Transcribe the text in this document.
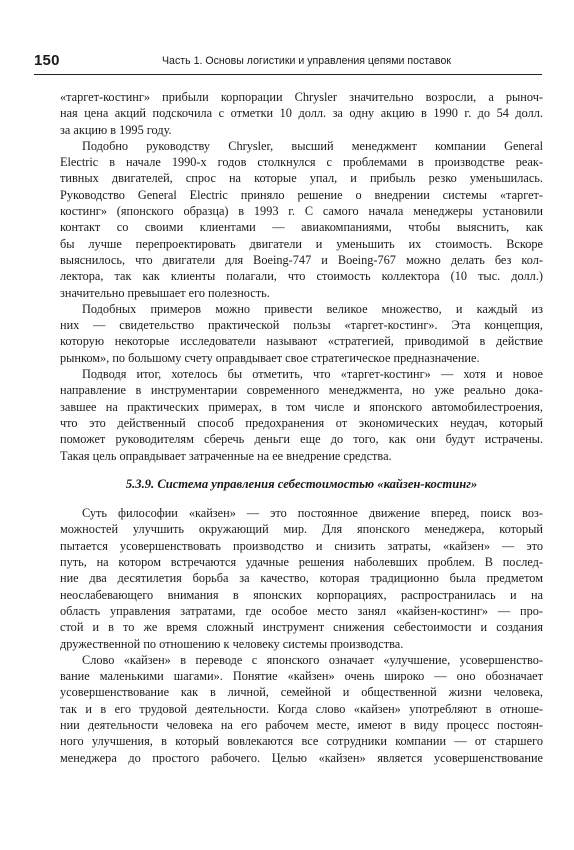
150	Часть 1. Основы логистики и управления цепями поставок
«таргет-костинг» прибыли корпорации Chrysler значительно возросли, а рыноч-
ная цена акций подскочила с отметки 10 долл. за одну акцию в 1990 г. до 54 долл.
за акцию в 1995 году.
Подобно руководству Chrysler, высший менеджмент компании General
Electric в начале 1990-х годов столкнулся с проблемами в производстве реак-
тивных двигателей, спрос на которые упал, и прибыль резко уменьшилась.
Руководство General Electric приняло решение о внедрении системы «таргет-
костинг» (японского образца) в 1993 г. С самого начала менеджеры установили
контакт со своими клиентами — авиакомпаниями, чтобы выяснить, как
бы лучше перепроектировать двигатели и уменьшить их стоимость. Вскоре
выяснилось, что двигатели для Boeing-747 и Boeing-767 можно делать без кол-
лектора, так как клиенты полагали, что стоимость коллектора (10 тыс. долл.)
значительно превышает его полезность.
Подобных примеров можно привести великое множество, и каждый из
них — свидетельство практической пользы «таргет-костинг». Эта концепция,
которую некоторые исследователи называют «стратегией, приводимой в действие
рынком», по большому счету оправдывает свое стратегическое предназначение.
Подводя итог, хотелось бы отметить, что «таргет-костинг» — хотя и новое
направление в инструментарии современного менеджмента, но уже реально дока-
завшее на практических примерах, в том числе и японского автомобилестроения,
что это действенный способ предохранения от экономических неудач, который
поможет руководителям сберечь деньги еще до того, как они будут истрачены.
Такая цель оправдывает затраченные на ее внедрение средства.
5.3.9. Система управления себестоимостью «кайзен-костинг»
Суть философии «кайзен» — это постоянное движение вперед, поиск воз-
можностей улучшить окружающий мир. Для японского менеджера, который
пытается усовершенствовать производство и снизить затраты, «кайзен» — это
путь, на котором встречаются удачные решения наболевших проблем. В послед-
ние два десятилетия борьба за качество, которая традиционно была предметом
неослабевающего внимания в японских корпорациях, распространилась и на
область управления затратами, где особое место занял «кайзен-костинг» — про-
стой и в то же время сложный инструмент снижения себестоимости и создания
дружественной по отношению к человеку системы производства.
Слово «кайзен» в переводе с японского означает «улучшение, усовершенство-
вание маленькими шагами». Понятие «кайзен» очень широко — оно обозначает
усовершенствование как в личной, семейной и общественной жизни человека,
так и в его трудовой деятельности. Когда слово «кайзен» употребляют в отноше-
нии деятельности человека на его рабочем месте, имеют в виду процесс постоян-
ного улучшения, в который вовлекаются все сотрудники компании — от старшего
менеджера до простого рабочего. Целью «кайзен» является усовершенствование
